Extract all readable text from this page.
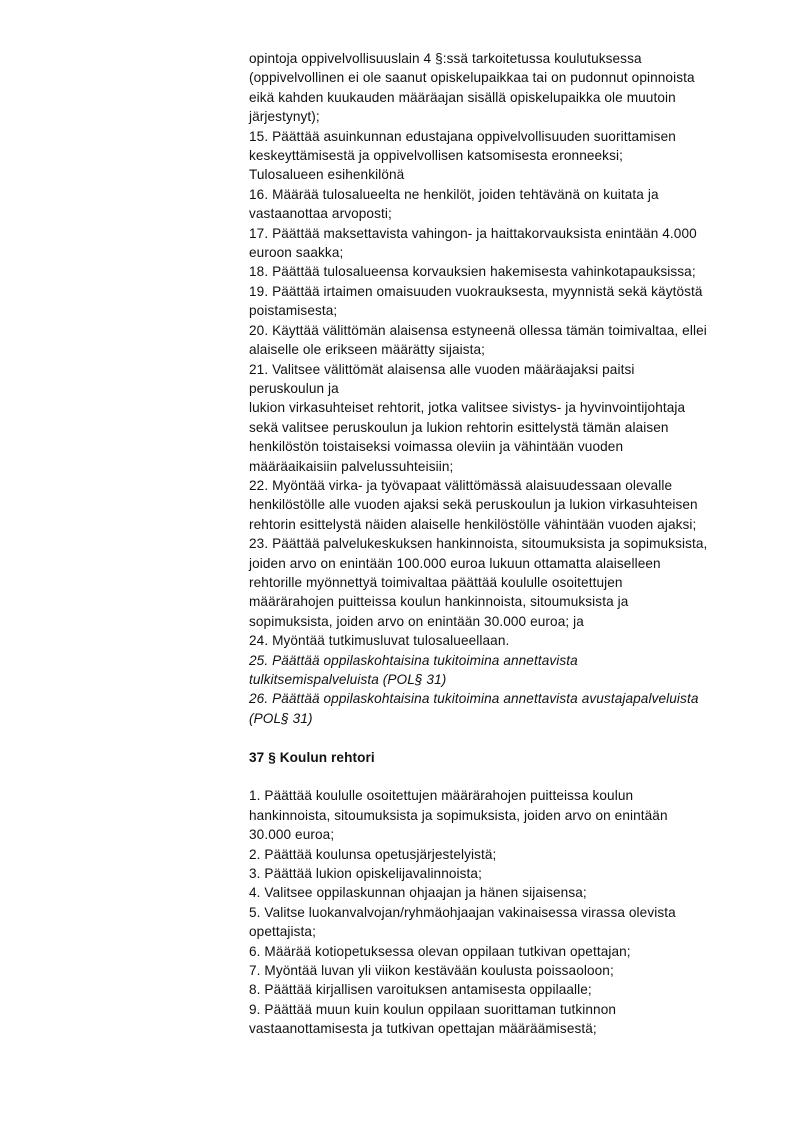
opintoja oppivelvollisuuslain 4 §:ssä tarkoitetussa koulutuksessa

(oppivelvollinen ei ole saanut opiskelupaikkaa tai on pudonnut opinnoista

eikä kahden kuukauden määräajan sisällä opiskelupaikka ole muutoin

järjestynyt);

15. Päättää asuinkunnan edustajana oppivelvollisuuden suorittamisen

keskeyttämisestä ja oppivelvollisen katsomisesta eronneeksi;

Tulosalueen esihenkilönä

16. Määrää tulosalueelta ne henkilöt, joiden tehtävänä on kuitata ja

vastaanottaa arvoposti;

17. Päättää maksettavista vahingon- ja haittakorvauksista enintään 4.000

euroon saakka;

18. Päättää tulosalueensa korvauksien hakemisesta vahinkotapauksissa;

19. Päättää irtaimen omaisuuden vuokrauksesta, myynnistä sekä käytöstä

poistamisesta;

20. Käyttää välittömän alaisensa estyneenä ollessa tämän toimivaltaa, ellei

alaiselle ole erikseen määrätty sijaista;

21. Valitsee välittömät alaisensa alle vuoden määräajaksi paitsi

peruskoulun ja

lukion virkasuhteiset rehtorit, jotka valitsee sivistys- ja hyvinvointijohtaja

sekä valitsee peruskoulun ja lukion rehtorin esittelystä tämän alaisen

henkilöstön toistaiseksi voimassa oleviin ja vähintään vuoden

määräaikaisiin palvelussuhteisiin;

22. Myöntää virka- ja työvapaat välittömässä alaisuudessaan olevalle

henkilöstölle alle vuoden ajaksi sekä peruskoulun ja lukion virkasuhteisen

rehtorin esittelystä näiden alaiselle henkilöstölle vähintään vuoden ajaksi;

23. Päättää palvelukeskuksen hankinnoista, sitoumuksista ja sopimuksista,

joiden arvo on enintään 100.000 euroa lukuun ottamatta alaiselleen

rehtorille myönnettyä toimivaltaa päättää koululle osoitettujen

määrärahojen puitteissa koulun hankinnoista, sitoumuksista ja

sopimuksista, joiden arvo on enintään 30.000 euroa; ja

24. Myöntää tutkimusluvat tulosalueellaan.

25. Päättää oppilaskohtaisina tukitoimina annettavista

tulkitsemispalveluista (POL§ 31)

26. Päättää oppilaskohtaisina tukitoimina annettavista avustajapalveluista

(POL§ 31)

37 § Koulun rehtori

1. Päättää koululle osoitettujen määrärahojen puitteissa koulun

hankinnoista, sitoumuksista ja sopimuksista, joiden arvo on enintään

30.000 euroa;

2. Päättää koulunsa opetusjärjestelyistä;

3. Päättää lukion opiskelijavalinnoista;

4. Valitsee oppilaskunnan ohjaajan ja hänen sijaisensa;

5. Valitse luokanvalvojan/ryhmäohjaajan vakinaisessa virassa olevista

opettajista;

6. Määrää kotiopetuksessa olevan oppilaan tutkivan opettajan;

7. Myöntää luvan yli viikon kestävään koulusta poissaoloon;

8. Päättää kirjallisen varoituksen antamisesta oppilaalle;

9. Päättää muun kuin koulun oppilaan suorittaman tutkinnon

vastaanottamisesta ja tutkivan opettajan määräämisestä;
